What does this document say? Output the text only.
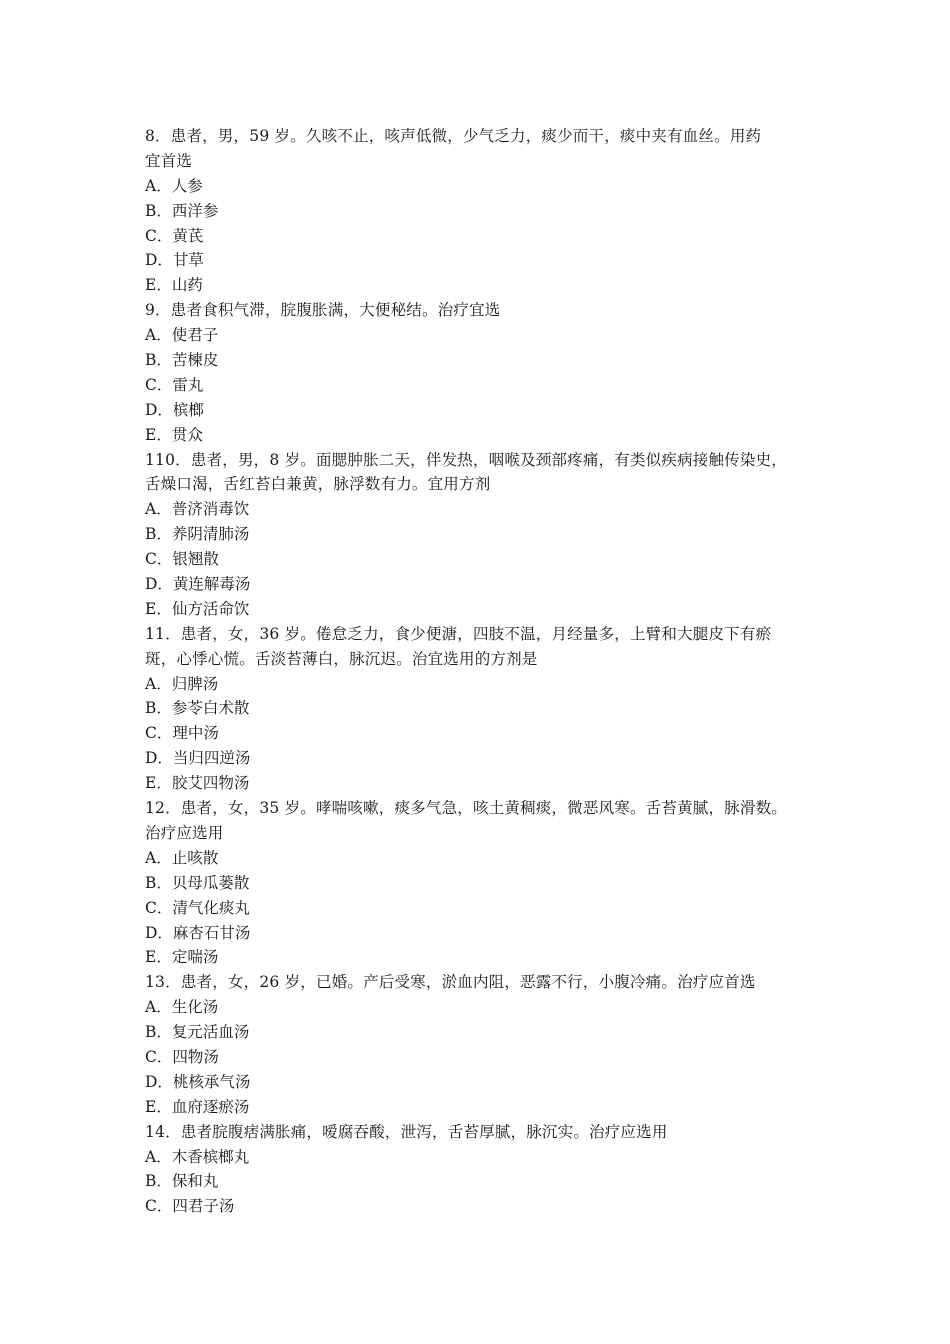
8．患者，男，59 岁。久咳不止，咳声低微，少气乏力，痰少而干，痰中夹有血丝。用药
宜首选
A．人参
B．西洋参
C．黄芪
D．甘草
E．山药
9．患者食积气滞，脘腹胀满，大便秘结。治疗宜选
A．使君子
B．苦楝皮
C．雷丸
D．槟榔
E．贯众
110．患者，男，8 岁。面腮肿胀二天，伴发热，咽喉及颈部疼痛，有类似疾病接触传染史，
舌燥口渴，舌红苔白兼黄，脉浮数有力。宜用方剂
A．普济消毒饮
B．养阴清肺汤
C．银翘散
D．黄连解毒汤
E．仙方活命饮
11．患者，女，36 岁。倦怠乏力，食少便溏，四肢不温，月经量多，上臂和大腿皮下有瘀
斑，心悸心慌。舌淡苔薄白，脉沉迟。治宜选用的方剂是
A．归脾汤
B．参苓白术散
C．理中汤
D．当归四逆汤
E．胶艾四物汤
12．患者，女，35 岁。哮喘咳嗽，痰多气急，咳土黄稠痰，微恶风寒。舌苔黄腻，脉滑数。
治疗应选用
A．止咳散
B．贝母瓜蒌散
C．清气化痰丸
D．麻杏石甘汤
E．定喘汤
13．患者，女，26 岁，已婚。产后受寒，淤血内阻，恶露不行，小腹冷痛。治疗应首选
A．生化汤
B．复元活血汤
C．四物汤
D．桃核承气汤
E．血府逐瘀汤
14．患者脘腹痞满胀痛，嗳腐吞酸，泄泻，舌苔厚腻，脉沉实。治疗应选用
A．木香槟榔丸
B．保和丸
C．四君子汤
